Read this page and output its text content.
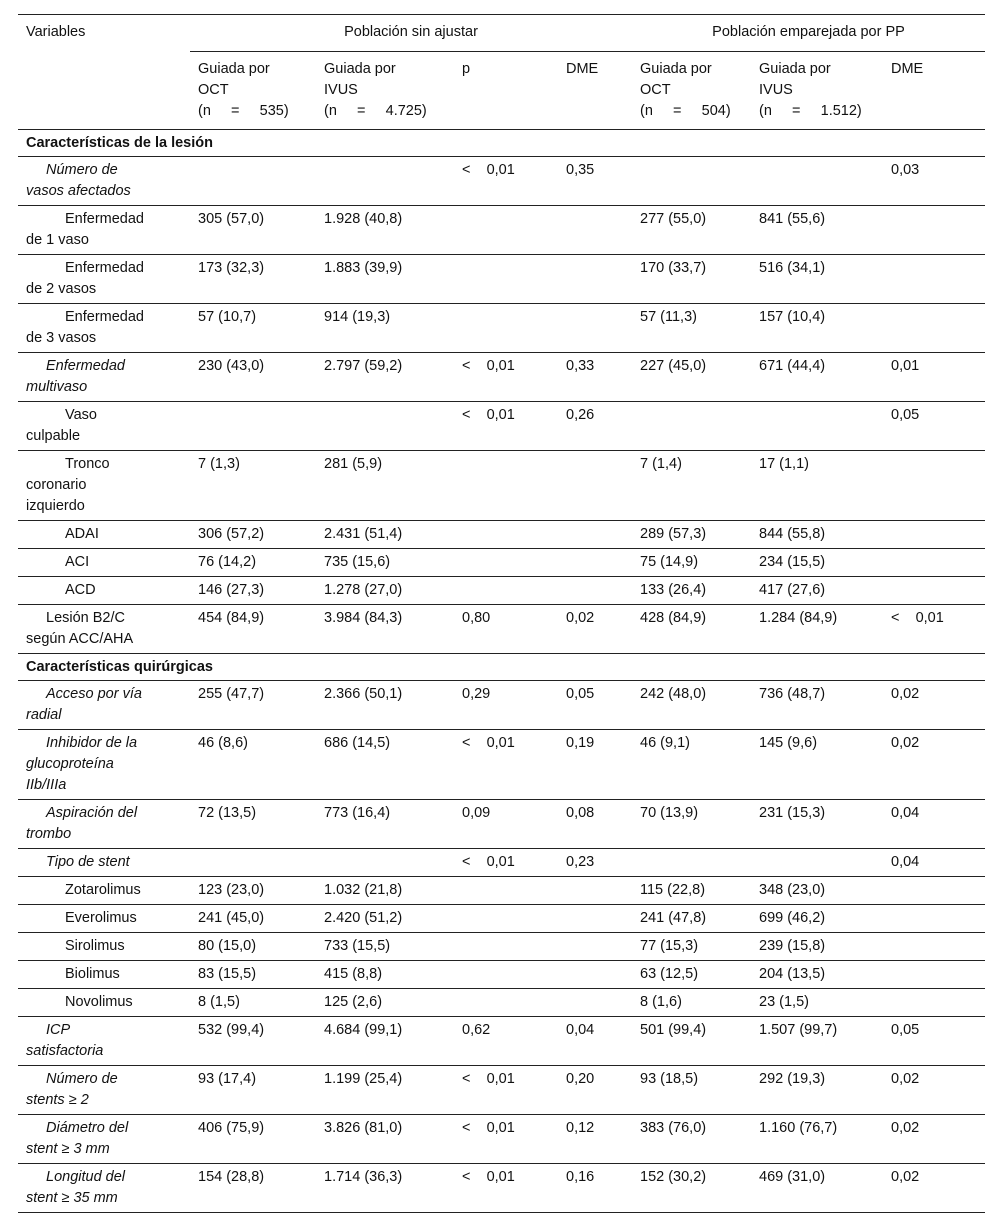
Variables	Población sin ajustar				Población emparejada por PP		

	Guiada por
OCT
(n     =     535)	Guiada por
IVUS
(n     =     4.725)	p	DME	Guiada por
OCT
(n     =     504)	Guiada por
IVUS
(n     =     1.512)	DME
Características de la lesión							

Número de
vasos afectados			<    0,01	0,35			0,03

Enfermedad
de 1 vaso	305 (57,0)	1.928 (40,8)			277 (55,0)	841 (55,6)	

Enfermedad
de 2 vasos	173 (32,3)	1.883 (39,9)			170 (33,7)	516 (34,1)	

Enfermedad
de 3 vasos	57 (10,7)	914 (19,3)			57 (11,3)	157 (10,4)	

Enfermedad
multivaso	230 (43,0)	2.797 (59,2)	<    0,01	0,33	227 (45,0)	671 (44,4)	0,01

Vaso
culpable			<    0,01	0,26			0,05

Tronco
coronario
izquierdo	7 (1,3)	281 (5,9)			7 (1,4)	17 (1,1)	

ADAI	306 (57,2)	2.431 (51,4)			289 (57,3)	844 (55,8)	

ACI	76 (14,2)	735 (15,6)			75 (14,9)	234 (15,5)	

ACD	146 (27,3)	1.278 (27,0)			133 (26,4)	417 (27,6)	

Lesión B2/C
según ACC/AHA	454 (84,9)	3.984 (84,3)	0,80	0,02	428 (84,9)	1.284 (84,9)	<    0,01
Características quirúrgicas							

Acceso por vía
radial	255 (47,7)	2.366 (50,1)	0,29	0,05	242 (48,0)	736 (48,7)	0,02

Inhibidor de la
glucoproteína
IIb/IIIa	46 (8,6)	686 (14,5)	<    0,01	0,19	46 (9,1)	145 (9,6)	0,02

Aspiración del
trombo	72 (13,5)	773 (16,4)	0,09	0,08	70 (13,9)	231 (15,3)	0,04

Tipo de stent			<    0,01	0,23			0,04

Zotarolimus	123 (23,0)	1.032 (21,8)			115 (22,8)	348 (23,0)	

Everolimus	241 (45,0)	2.420 (51,2)			241 (47,8)	699 (46,2)	

Sirolimus	80 (15,0)	733 (15,5)			77 (15,3)	239 (15,8)	

Biolimus	83 (15,5)	415 (8,8)			63 (12,5)	204 (13,5)	

Novolimus	8 (1,5)	125 (2,6)			8 (1,6)	23 (1,5)	

ICP
satisfactoria	532 (99,4)	4.684 (99,1)	0,62	0,04	501 (99,4)	1.507 (99,7)	0,05

Número de
stents ≥ 2	93 (17,4)	1.199 (25,4)	<    0,01	0,20	93 (18,5)	292 (19,3)	0,02

Diámetro del
stent ≥ 3 mm	406 (75,9)	3.826 (81,0)	<    0,01	0,12	383 (76,0)	1.160 (76,7)	0,02

Longitud del
stent ≥ 35 mm	154 (28,8)	1.714 (36,3)	<    0,01	0,16	152 (30,2)	469 (31,0)	0,02
